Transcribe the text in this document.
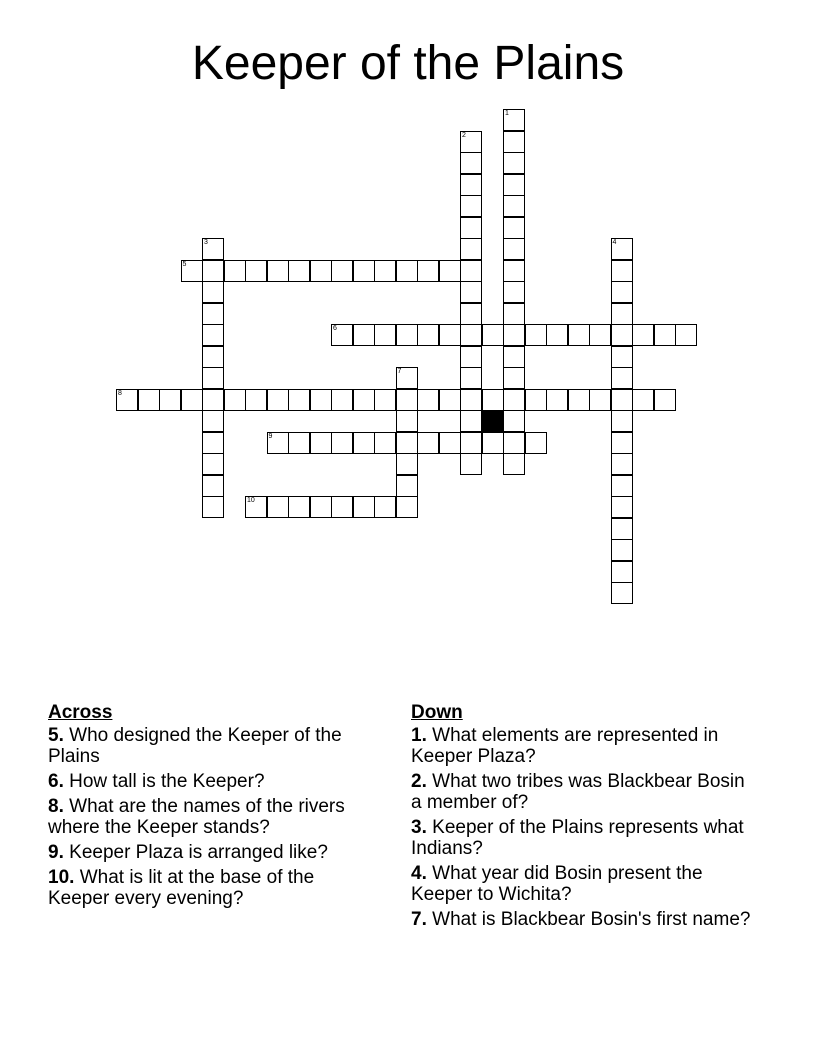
Keeper of the Plains
1
2
3	4
5
6
7
8
9
10
Across
5. Who designed the Keeper of the Plains
6. How tall is the Keeper?
8. What are the names of the rivers where the Keeper stands?
9. Keeper Plaza is arranged like?
10. What is lit at the base of the Keeper every evening?
Down
1. What elements are represented in Keeper Plaza?
2. What two tribes was Blackbear Bosin a member of?
3. Keeper of the Plains represents what Indians?
4. What year did Bosin present the Keeper to Wichita?
7. What is Blackbear Bosin's first name?
